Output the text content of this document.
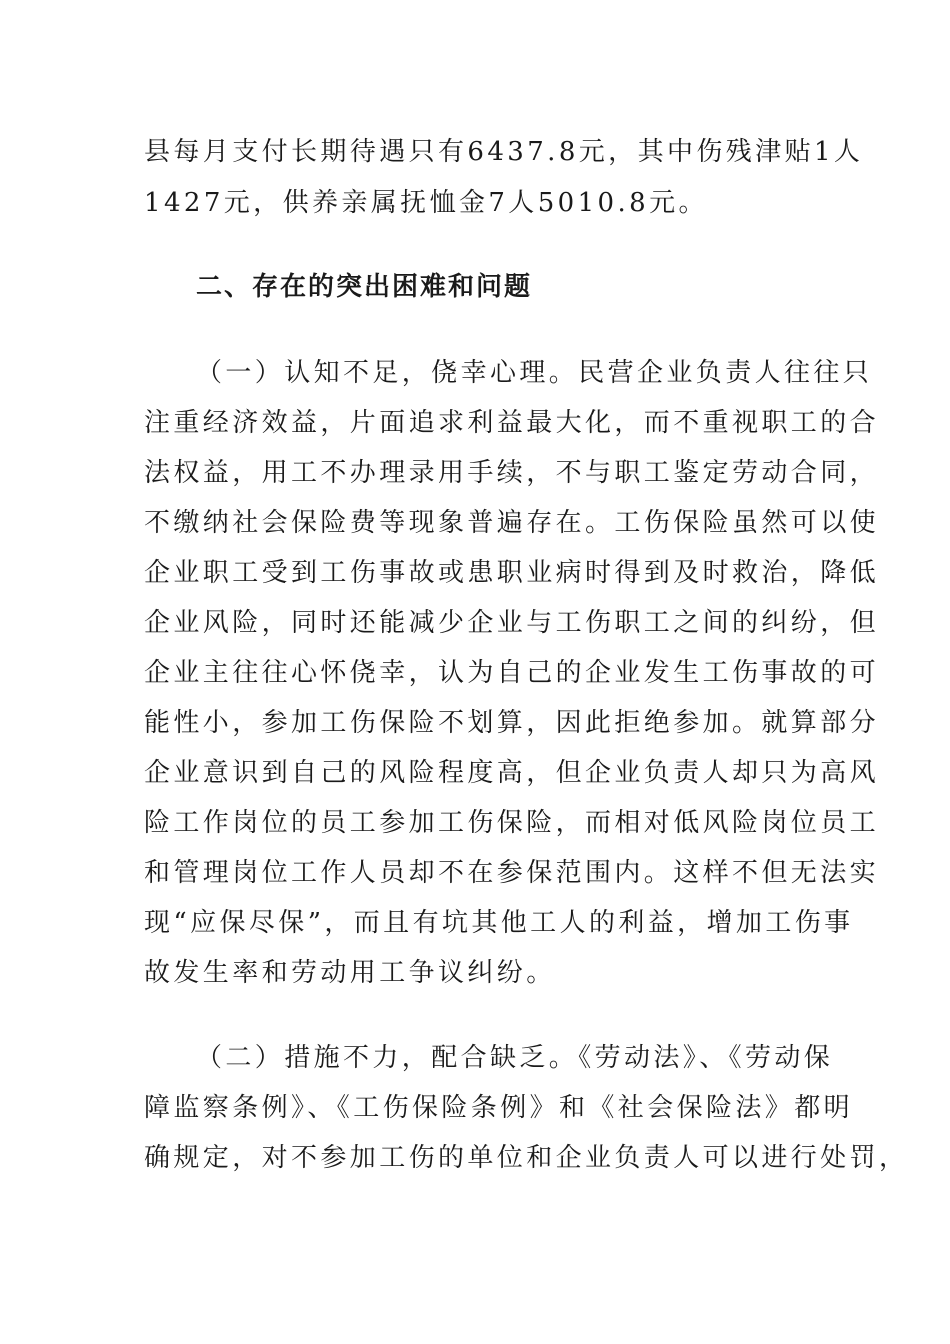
县每月支付长期待遇只有6437.8元，其中伤残津贴1人
1427元，供养亲属抚恤金7人5010.8元。
二、存在的突出困难和问题
（一）认知不足，侥幸心理。民营企业负责人往往只
注重经济效益，片面追求利益最大化，而不重视职工的合
法权益，用工不办理录用手续，不与职工鉴定劳动合同，
不缴纳社会保险费等现象普遍存在。工伤保险虽然可以使
企业职工受到工伤事故或患职业病时得到及时救治，降低
企业风险，同时还能减少企业与工伤职工之间的纠纷，但
企业主往往心怀侥幸，认为自己的企业发生工伤事故的可
能性小，参加工伤保险不划算，因此拒绝参加。就算部分
企业意识到自己的风险程度高，但企业负责人却只为高风
险工作岗位的员工参加工伤保险，而相对低风险岗位员工
和管理岗位工作人员却不在参保范围内。这样不但无法实
现“应保尽保”，而且有坑其他工人的利益，增加工伤事
故发生率和劳动用工争议纠纷。
（二）措施不力，配合缺乏。《劳动法》、《劳动保
障监察条例》、《工伤保险条例》和《社会保险法》都明
确规定，对不参加工伤的单位和企业负责人可以进行处罚，
